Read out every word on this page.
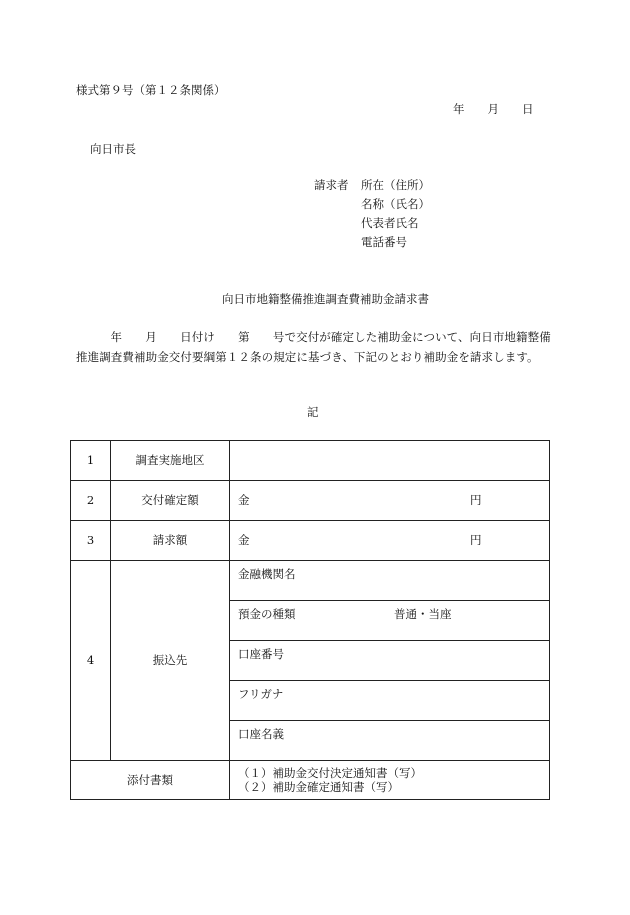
様式第９号（第１２条関係）
年　　月　　日
向日市長
請求者 所在（住所）
名称（氏名）
代表者氏名
電話番号
向日市地籍整備推進調査費補助金請求書
年　　月　　日付け　　第　　号で交付が確定した補助金について、向日市地籍整備推進調査費補助金交付要綱第１２条の規定に基づき、下記のとおり補助金を請求します。
記
1	調査実施地区	
2	交付確定額	金 円

3	請求額	金 円

4	振込先	金融機関名

		預金の種類 普通・当座

		口座番号
		フリガナ
		口座名義
添付書類		（１）補助金交付決定通知書（写）
（２）補助金確定通知書（写）
